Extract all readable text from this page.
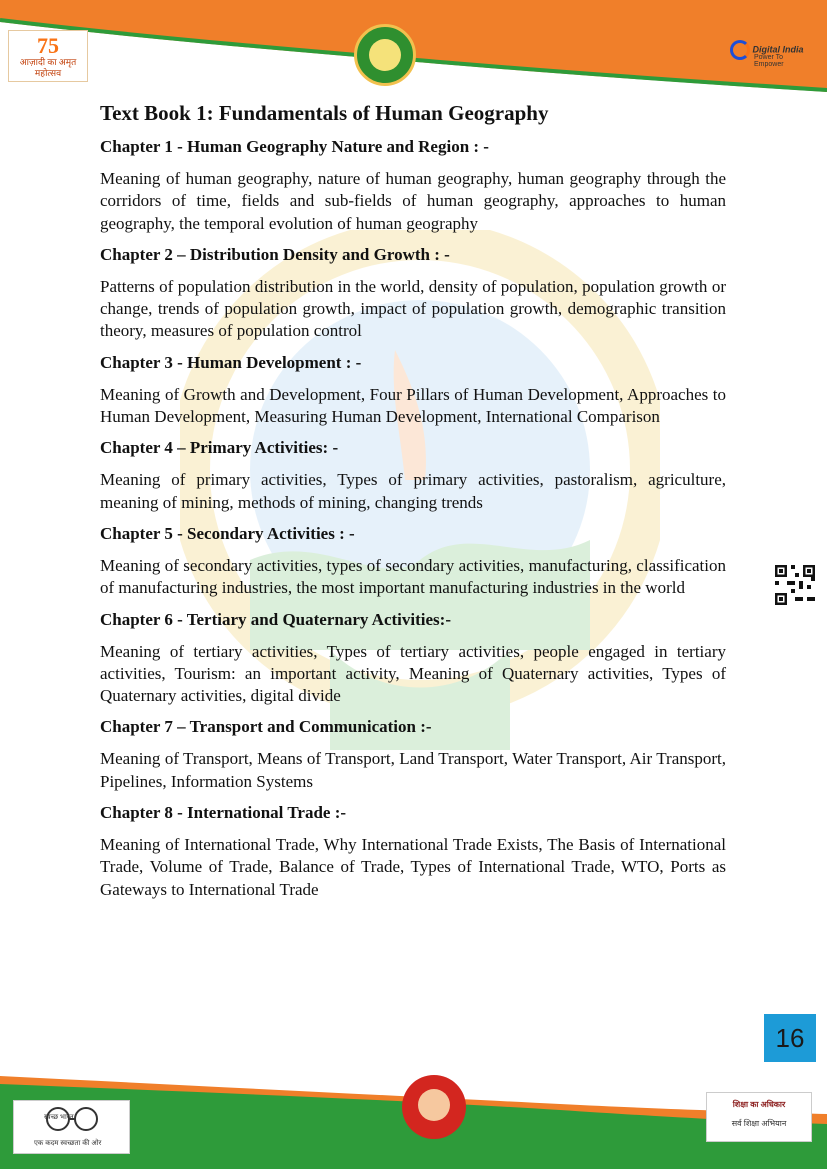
75
आज़ादी का अमृत महोत्सव
Digital India
Power To Empower
Text Book 1: Fundamentals of Human Geography
Chapter 1 - Human Geography Nature and Region : -
Meaning of human geography, nature of human geography, human geography through the corridors of time, fields and sub-fields of human geography, approaches to human geography, the temporal evolution of human geography
Chapter 2 – Distribution Density and Growth : -
Patterns of population distribution in the world, density of population, population growth or change, trends of population growth, impact of population growth, demographic transition theory, measures of population control
Chapter 3 - Human Development : -
Meaning of Growth and Development, Four Pillars of Human Development, Approaches to Human Development, Measuring Human Development, International Comparison
Chapter 4 – Primary Activities: -
Meaning of primary activities, Types of primary activities, pastoralism, agriculture, meaning of mining, methods of mining, changing trends
Chapter 5 - Secondary Activities : -
Meaning of secondary activities, types of secondary activities, manufacturing, classification of manufacturing industries, the most important manufacturing industries in the world
Chapter 6 - Tertiary and Quaternary Activities:-
Meaning of tertiary activities, Types of tertiary activities, people engaged in tertiary activities, Tourism: an important activity, Meaning of Quaternary activities, Types of Quaternary activities, digital divide
Chapter 7 – Transport and Communication :-
Meaning of Transport, Means of Transport, Land Transport, Water Transport, Air Transport, Pipelines, Information Systems
Chapter 8 - International Trade :-
Meaning of International Trade, Why International Trade Exists, The Basis of International Trade, Volume of Trade, Balance of Trade, Types of International Trade, WTO, Ports as Gateways to International Trade
16
स्वच्छ भारत
एक कदम स्वच्छता की ओर
शिक्षा का अधिकार
सर्व शिक्षा अभियान
